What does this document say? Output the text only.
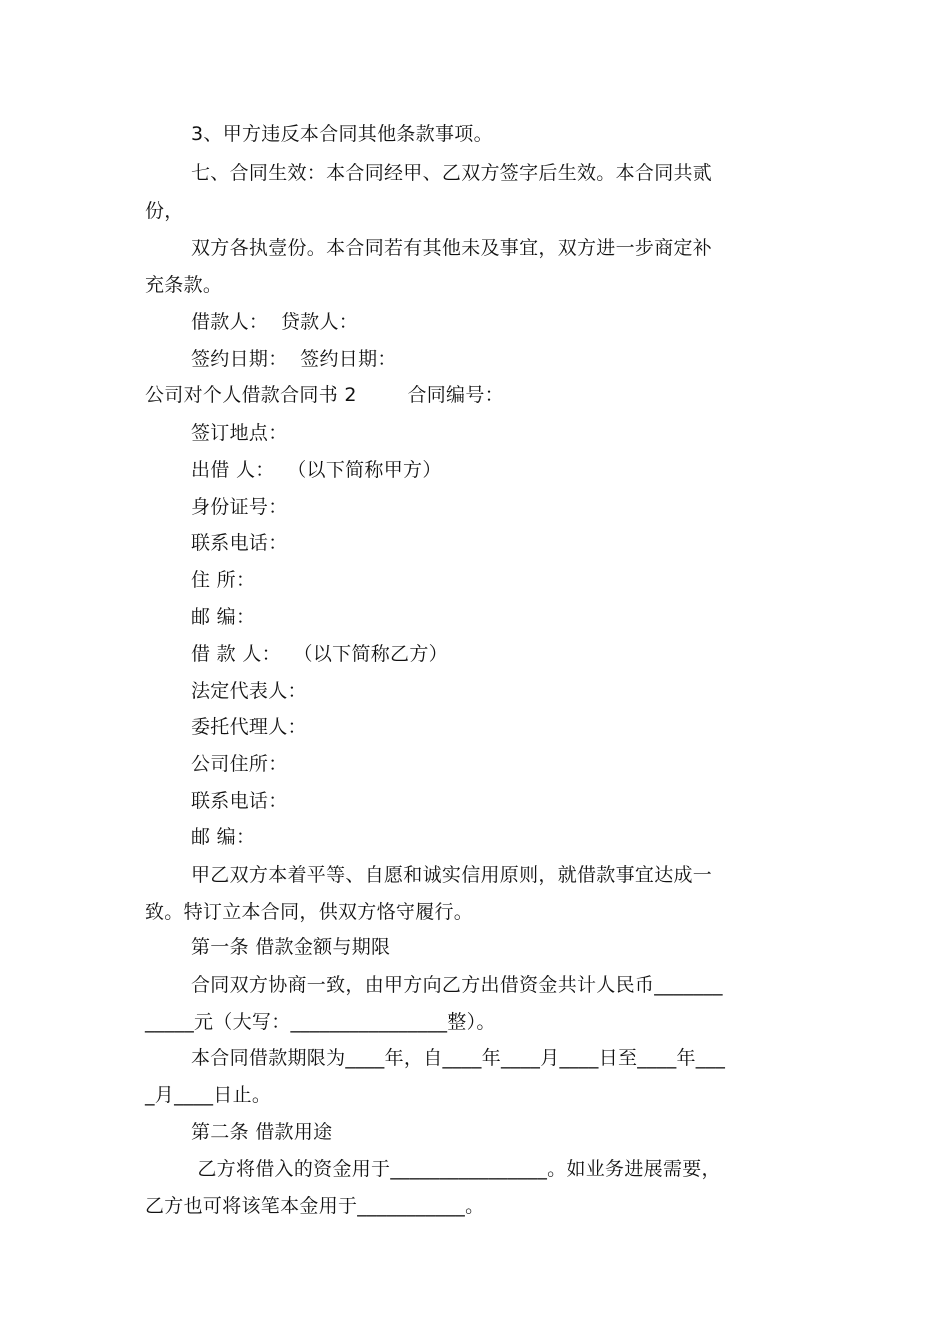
3、甲方违反本合同其他条款事项。
七、合同生效：本合同经甲、乙双方签字后生效。本合同共贰
份，
双方各执壹份。本合同若有其他未及事宜，双方进一步商定补
充条款。
借款人：  贷款人：
签约日期：  签约日期：
公司对个人借款合同书 2        合同编号：
签订地点：
出借 人：  （以下简称甲方）
身份证号：
联系电话：
住 所：
邮 编：
借 款 人：  （以下简称乙方）
法定代表人：
委托代理人：
公司住所：
联系电话：
邮 编：
甲乙双方本着平等、自愿和诚实信用原则，就借款事宜达成一
致。特订立本合同，供双方恪守履行。
第一条 借款金额与期限
合同双方协商一致，由甲方向乙方出借资金共计人民币_______
_____元（大写：________________整）。
本合同借款期限为____年，自____年____月____日至____年___
_月____日止。
第二条 借款用途
乙方将借入的资金用于________________。如业务进展需要，
乙方也可将该笔本金用于___________。
